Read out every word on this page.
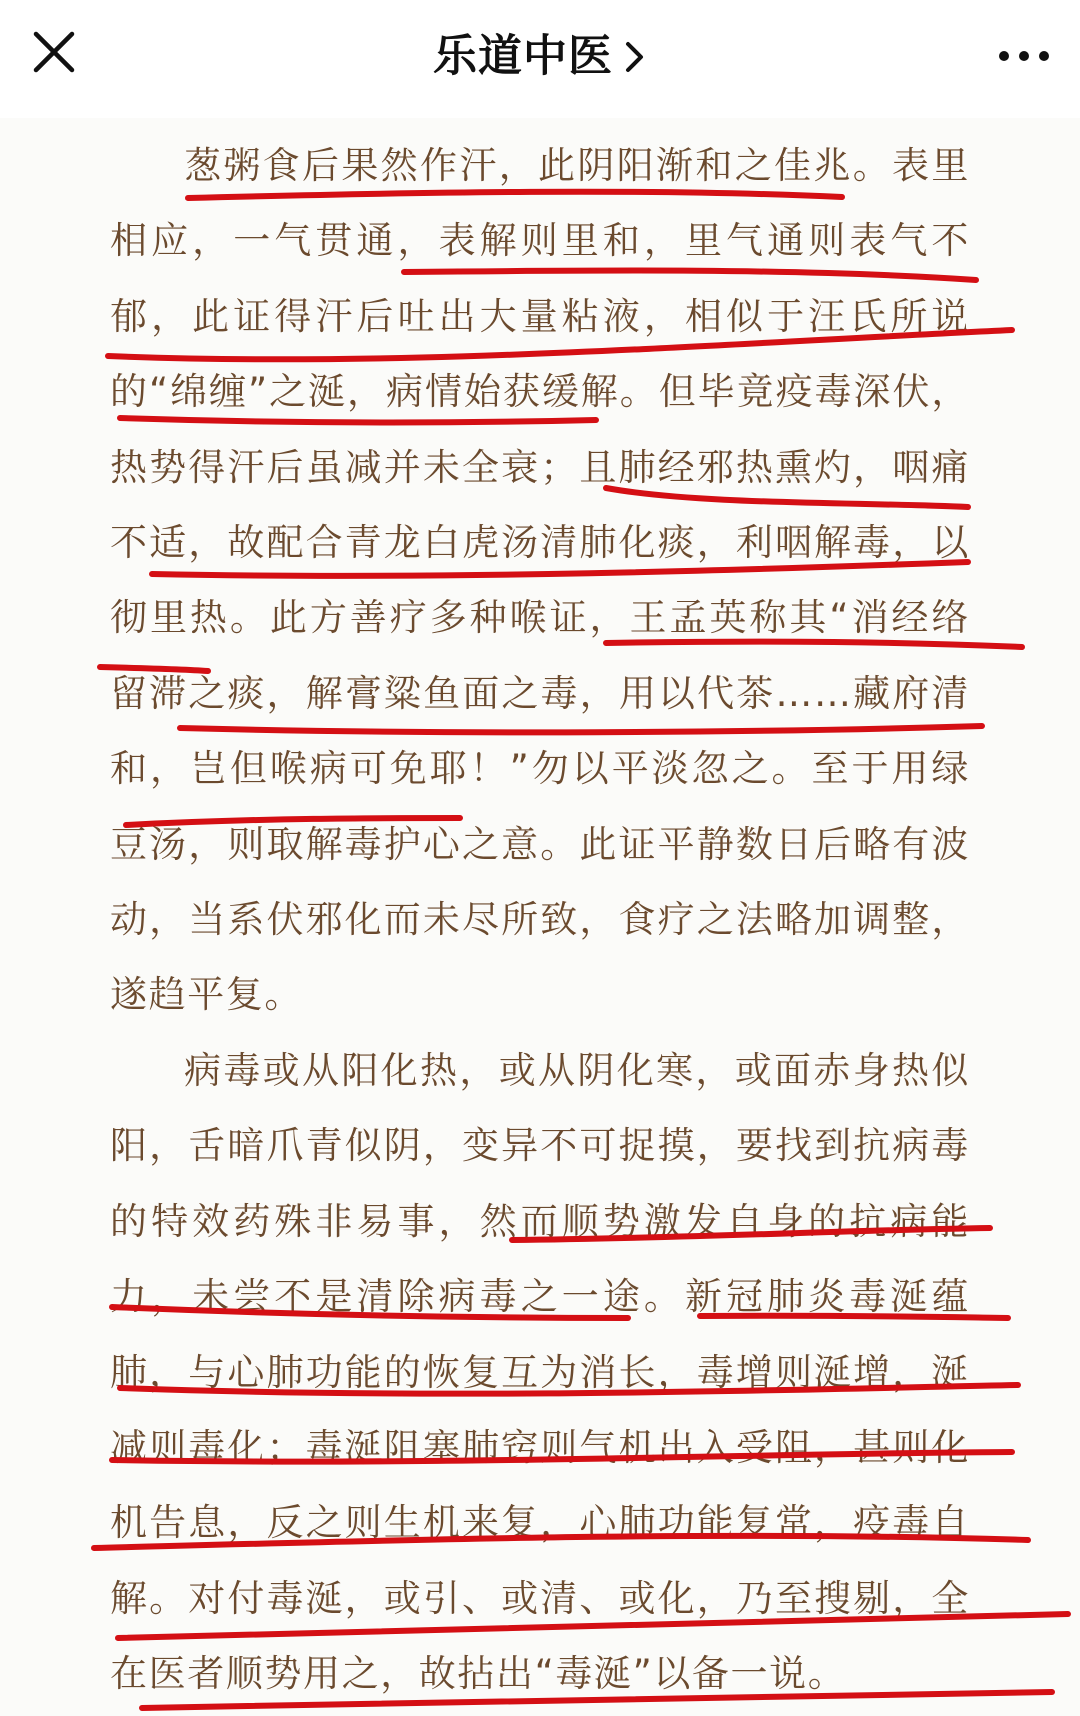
乐道中医

葱粥食后果然作汗，此阴阳渐和之佳兆。表里相应，一气贯通，表解则里和，里气通则表气不郁，此证得汗后吐出大量粘液，相似于汪氏所说的“绵缠”之涎，病情始获缓解。但毕竟疫毒深伏，热势得汗后虽减并未全衰；且肺经邪热熏灼，咽痛不适，故配合青龙白虎汤清肺化痰，利咽解毒，以彻里热。此方善疗多种喉证，王孟英称其“消经络留滞之痰，解膏粱鱼面之毒，用以代茶……藏府清和，岂但喉病可免耶！”勿以平淡忽之。至于用绿豆汤，则取解毒护心之意。此证平静数日后略有波动，当系伏邪化而未尽所致，食疗之法略加调整，遂趋平复。

病毒或从阳化热，或从阴化寒，或面赤身热似阳，舌暗爪青似阴，变异不可捉摸，要找到抗病毒的特效药殊非易事，然而顺势激发自身的抗病能力，未尝不是清除病毒之一途。新冠肺炎毒涎蕴肺，与心肺功能的恢复互为消长，毒增则涎增，涎减则毒化；毒涎阻塞肺窍则气机出入受阻，甚则化机告息，反之则生机来复，心肺功能复常，疫毒自解。对付毒涎，或引、或清、或化，乃至搜剔，全在医者顺势用之，故拈出“毒涎”以备一说。
